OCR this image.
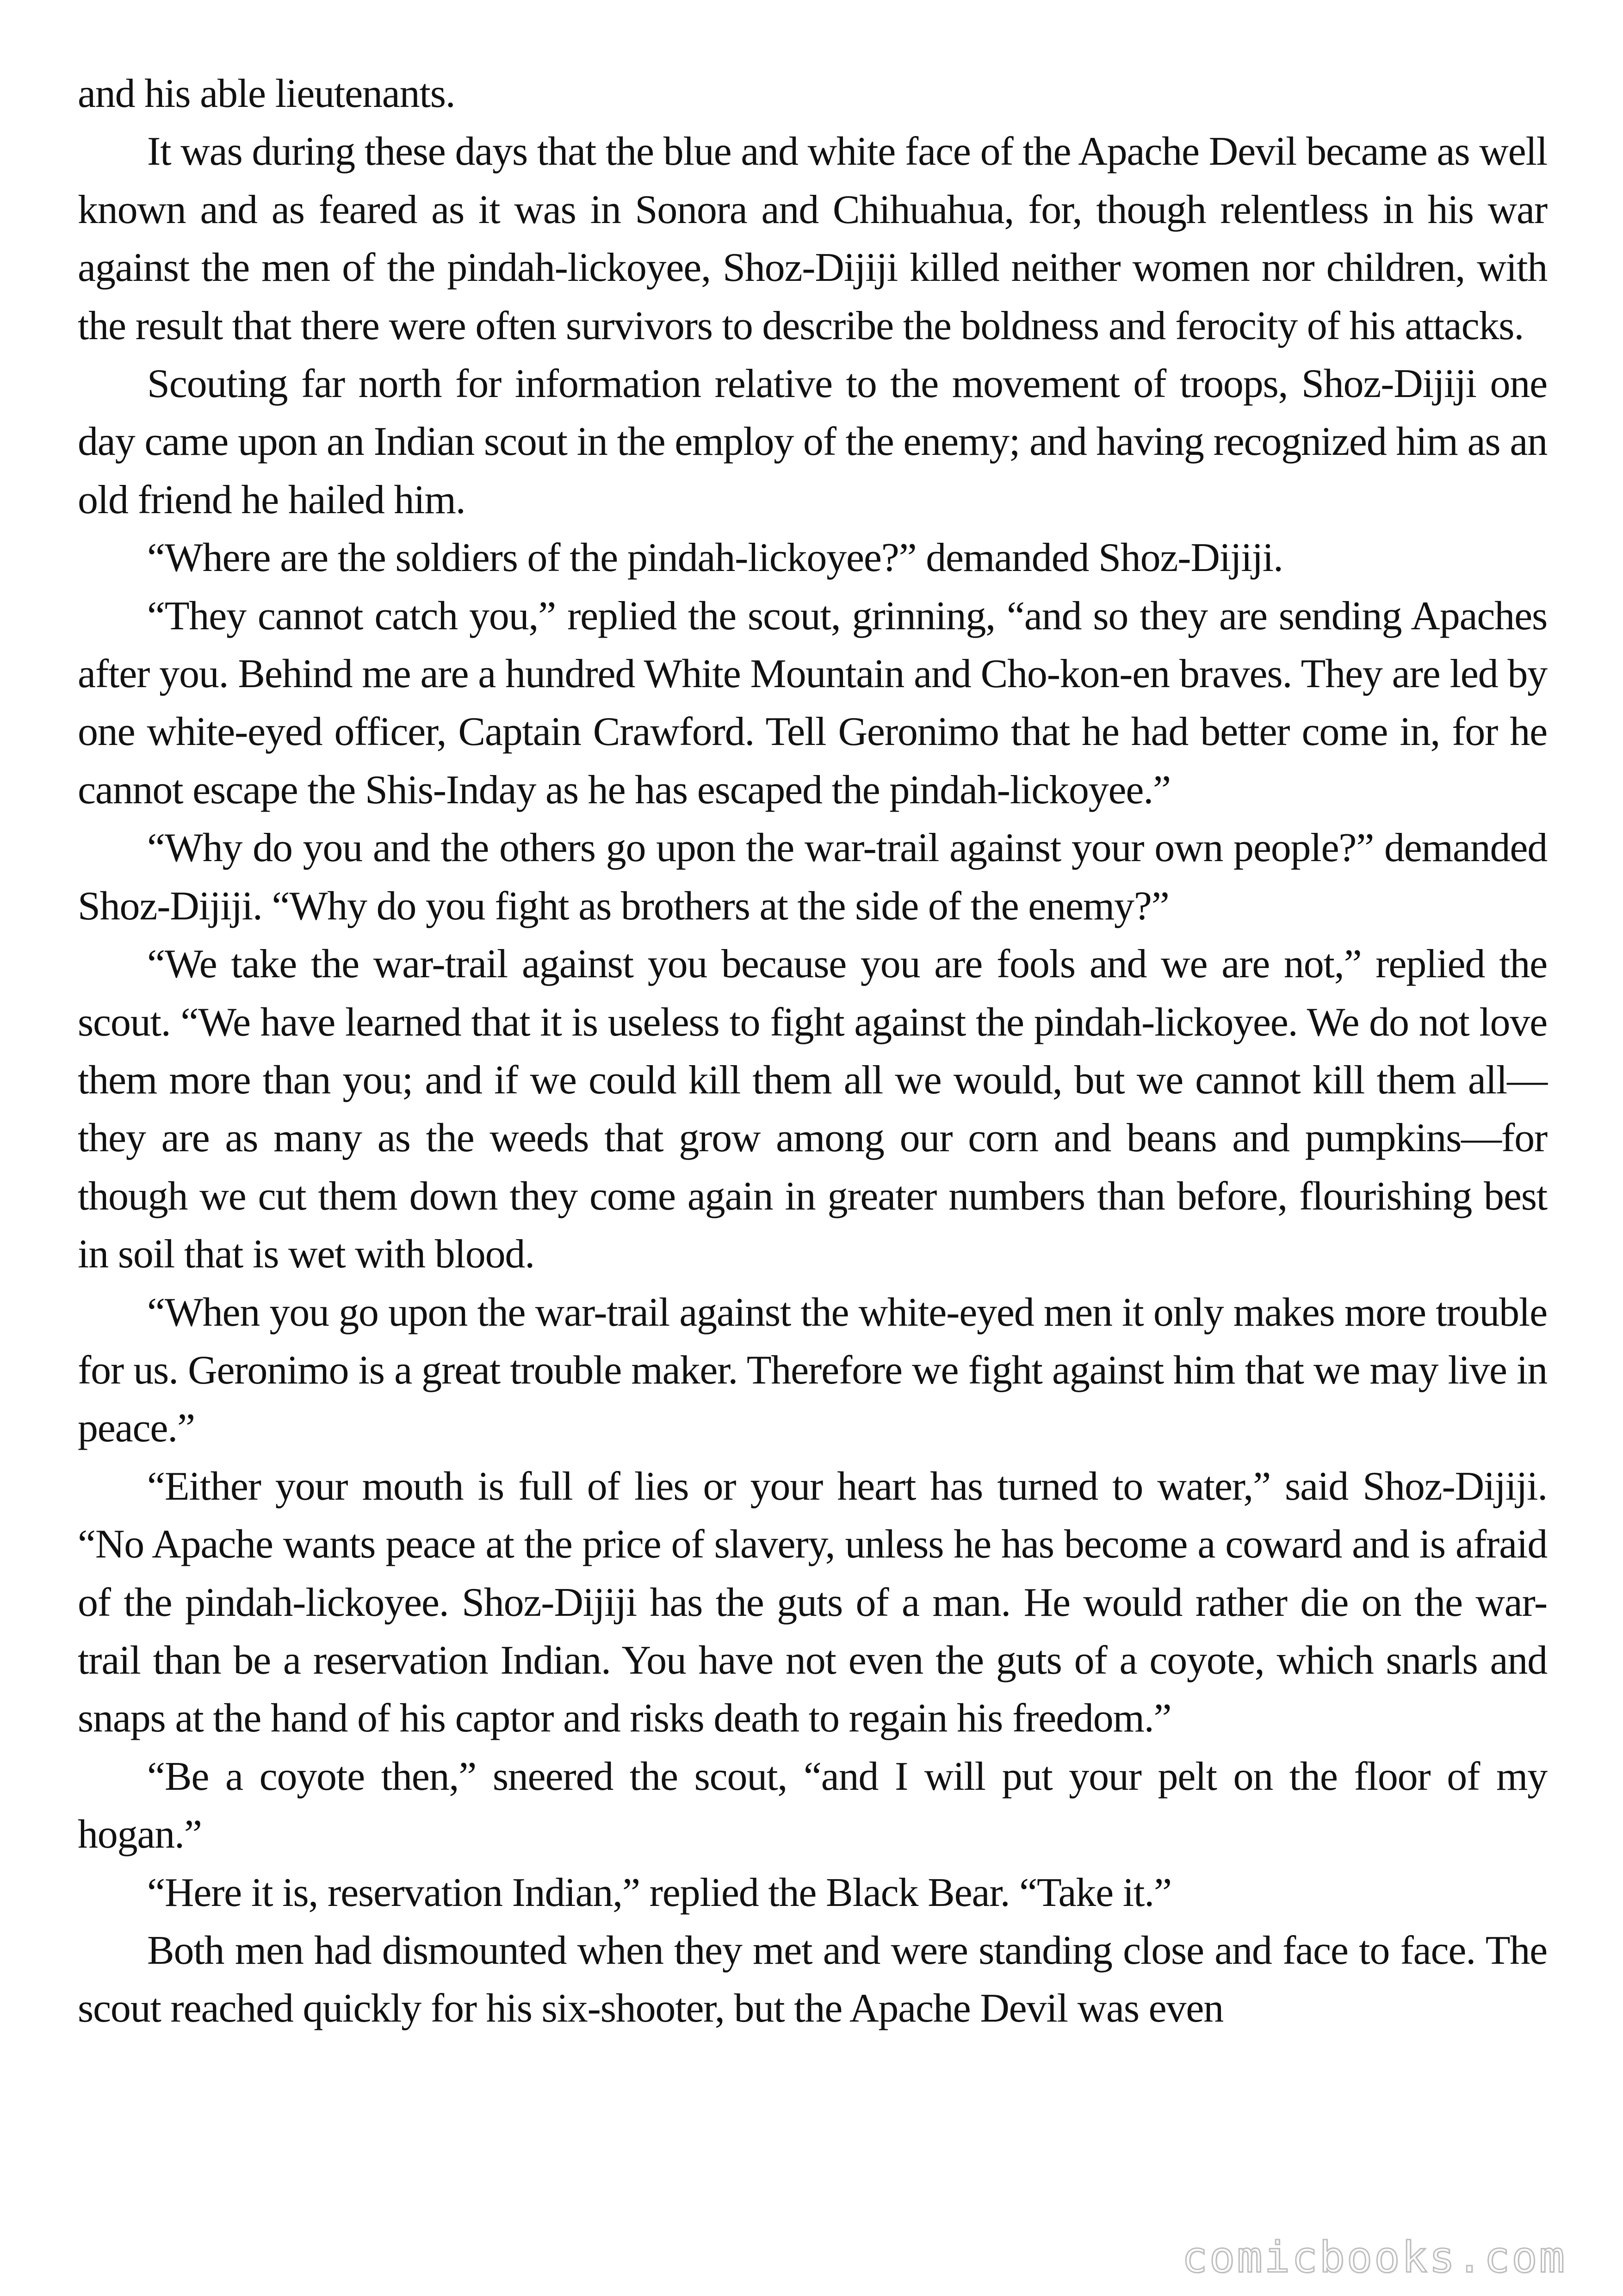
and his able lieutenants.

It was during these days that the blue and white face of the Apache Devil became as well known and as feared as it was in Sonora and Chihuahua, for, though relentless in his war against the men of the pindah-lickoyee, Shoz-Dijiji killed neither women nor children, with the result that there were often survivors to describe the boldness and ferocity of his attacks.

Scouting far north for information relative to the movement of troops, Shoz-Dijiji one day came upon an Indian scout in the employ of the enemy; and having recognized him as an old friend he hailed him.

“Where are the soldiers of the pindah-lickoyee?” demanded Shoz-Dijiji.

“They cannot catch you,” replied the scout, grinning, “and so they are sending Apaches after you. Behind me are a hundred White Mountain and Cho-kon-en braves. They are led by one white-eyed officer, Captain Crawford. Tell Geronimo that he had better come in, for he cannot escape the Shis-Inday as he has escaped the pindah-lickoyee.”

“Why do you and the others go upon the war-trail against your own people?” demanded Shoz-Dijiji. “Why do you fight as brothers at the side of the enemy?”

“We take the war-trail against you because you are fools and we are not,” replied the scout. “We have learned that it is useless to fight against the pindah-lickoyee. We do not love them more than you; and if we could kill them all we would, but we cannot kill them all—they are as many as the weeds that grow among our corn and beans and pumpkins—for though we cut them down they come again in greater numbers than before, flourishing best in soil that is wet with blood.

“When you go upon the war-trail against the white-eyed men it only makes more trouble for us. Geronimo is a great trouble maker. Therefore we fight against him that we may live in peace.”

“Either your mouth is full of lies or your heart has turned to water,” said Shoz-Dijiji. “No Apache wants peace at the price of slavery, unless he has become a coward and is afraid of the pindah-lickoyee. Shoz-Dijiji has the guts of a man. He would rather die on the war-trail than be a reservation Indian. You have not even the guts of a coyote, which snarls and snaps at the hand of his captor and risks death to regain his freedom.”

“Be a coyote then,” sneered the scout, “and I will put your pelt on the floor of my hogan.”

“Here it is, reservation Indian,” replied the Black Bear. “Take it.”

Both men had dismounted when they met and were standing close and face to face. The scout reached quickly for his six-shooter, but the Apache Devil was even

comicbooks.com
